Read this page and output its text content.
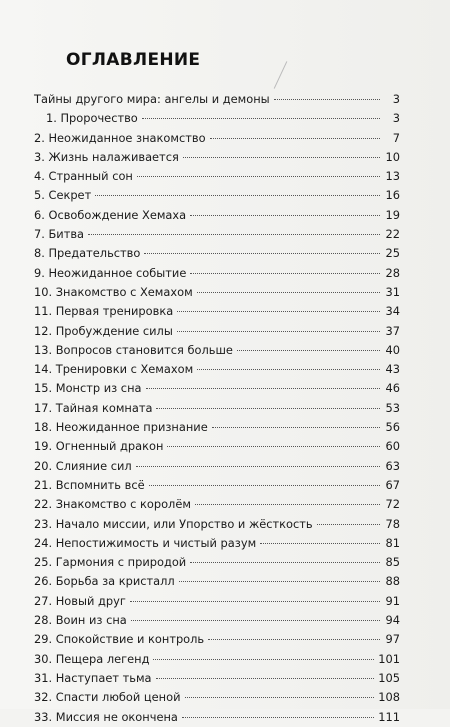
ОГЛАВЛЕНИЕ
Тайны другого мира: ангелы и демоны	3
1. Пророчество	3
2. Неожиданное знакомство	7
3. Жизнь налаживается	10
4. Странный сон	13
5. Секрет	16
6. Освобождение Хемаха	19
7. Битва	22
8. Предательство	25
9. Неожиданное событие	28
10. Знакомство с Хемахом	31
11. Первая тренировка	34
12. Пробуждение силы	37
13. Вопросов становится больше	40
14. Тренировки с Хемахом	43
15. Монстр из сна	46
17. Тайная комната	53
18. Неожиданное признание	56
19. Огненный дракон	60
20. Слияние сил	63
21. Вспомнить всё	67
22. Знакомство с королём	72
23. Начало миссии, или Упорство и жёсткость	78
24. Непостижимость и чистый разум	81
25. Гармония с природой	85
26. Борьба за кристалл	88
27. Новый друг	91
28. Воин из сна	94
29. Спокойствие и контроль	97
30. Пещера легенд	101
31. Наступает тьма	105
32. Спасти любой ценой	108
33. Миссия не окончена	111
